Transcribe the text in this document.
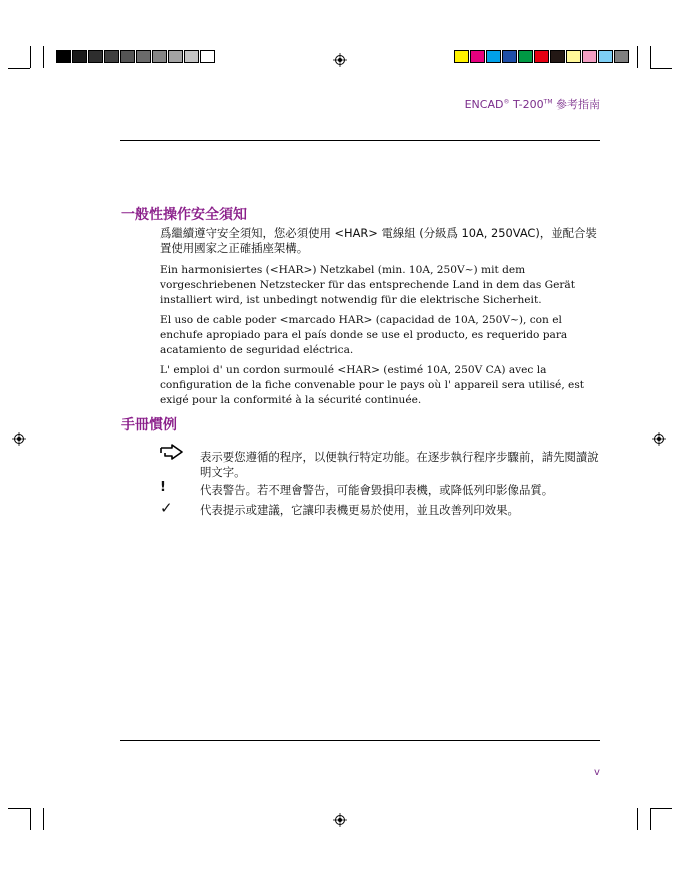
ENCAD® T-200™ 參考指南
一般性操作安全須知
爲繼續遵守安全須知，您必須使用 <HAR> 電線組 (分級爲 10A, 250VAC)，並配合裝置使用國家之正確插座架構。
Ein harmonisiertes (<HAR>) Netzkabel (min. 10A, 250V~) mit dem vorgeschriebenen Netzstecker für das entsprechende Land in dem das Gerät installiert wird, ist unbedingt notwendig für die elektrische Sicherheit.
El uso de cable poder <marcado HAR> (capacidad de 10A, 250V~), con el enchufe apropiado para el país donde se use el producto, es requerido para acatamiento de seguridad eléctrica.
L' emploi d' un cordon surmoulé <HAR> (estimé 10A, 250V CA) avec la configuration de la fiche convenable pour le pays où l' appareil sera utilisé, est exigé pour la conformité à la sécurité continuée.
手冊慣例
表示要您遵循的程序，以便執行特定功能。在逐步執行程序步驟前，請先閱讀說明文字。
!	代表警告。若不理會警告，可能會毀損印表機，或降低列印影像品質。
✓ 代表提示或建議，它讓印表機更易於使用，並且改善列印效果。
v
